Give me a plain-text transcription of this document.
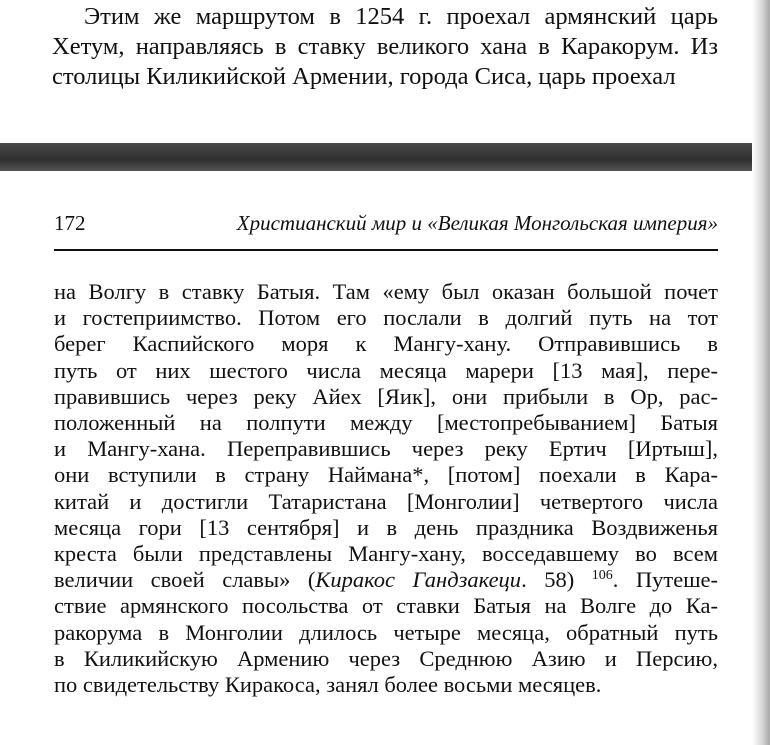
Этим же маршрутом в 1254 г. проехал армянский царь
Хетум, направляясь в ставку великого хана в Каракорум. Из
столицы Киликийской Армении, города Сиса, царь проехал
172	Христианский мир и «Великая Монгольская империя»
на Волгу в ставку Батыя. Там «ему был оказан большой почет
и гостеприимство. Потом его послали в долгий путь на тот
берег Каспийского моря к Мангу-хану. Отправившись в
путь от них шестого числа месяца марери [13 мая], пере-
правившись через реку Айех [Яик], они прибыли в Ор, рас-
положенный на полпути между [местопребыванием] Батыя
и Мангу-хана. Переправившись через реку Ертич [Иртыш],
они вступили в страну Наймана*, [потом] поехали в Кара-
китай и достигли Татаристана [Монголии] четвертого числа
месяца гори [13 сентября] и в день праздника Воздвиженья
креста были представлены Мангу-хану, восседавшему во всем
величии своей славы» (Киракос Гандзакеци. 58) $^{106}$. Путеше-
ствие армянского посольства от ставки Батыя на Волге до Ка-
ракорума в Монголии длилось четыре месяца, обратный путь
в Киликийскую Армению через Среднюю Азию и Персию,
по свидетельству Киракоса, занял более восьми месяцев.
